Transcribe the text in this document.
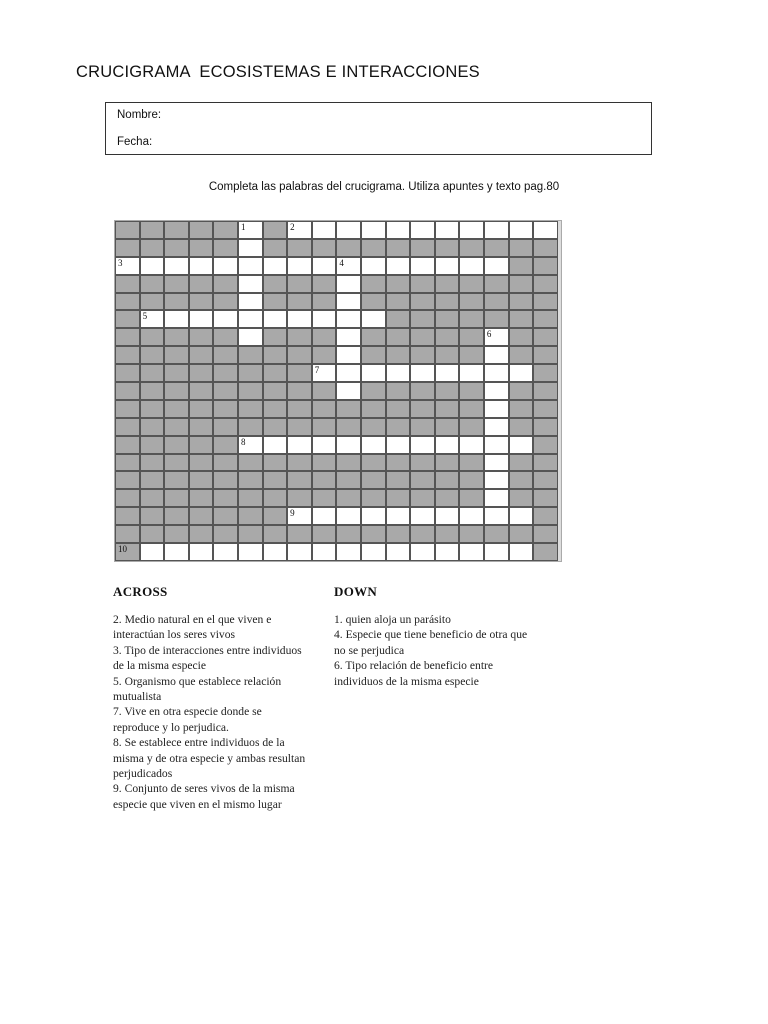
CRUCIGRAMA  ECOSISTEMAS E INTERACCIONES
Nombre:
Fecha:
Completa las palabras del crucigrama. Utiliza apuntes y texto pag.80
1	2
3	4
5
6
7
8
9
10
ACROSS
2. Medio natural en el que viven e
interactúan los seres vivos
3. Tipo de interacciones entre individuos
de la misma especie
5. Organismo que establece relación
mutualista
7. Vive en otra especie donde se
reproduce y lo perjudica.
8. Se establece entre individuos de la
misma y de otra especie y ambas resultan
perjudicados
9. Conjunto de seres vivos de la misma
especie que viven en el mismo lugar
DOWN
1. quien aloja un parásito
4. Especie que tiene beneficio de otra que
no se perjudica
6. Tipo relación de beneficio entre
individuos de la misma especie
